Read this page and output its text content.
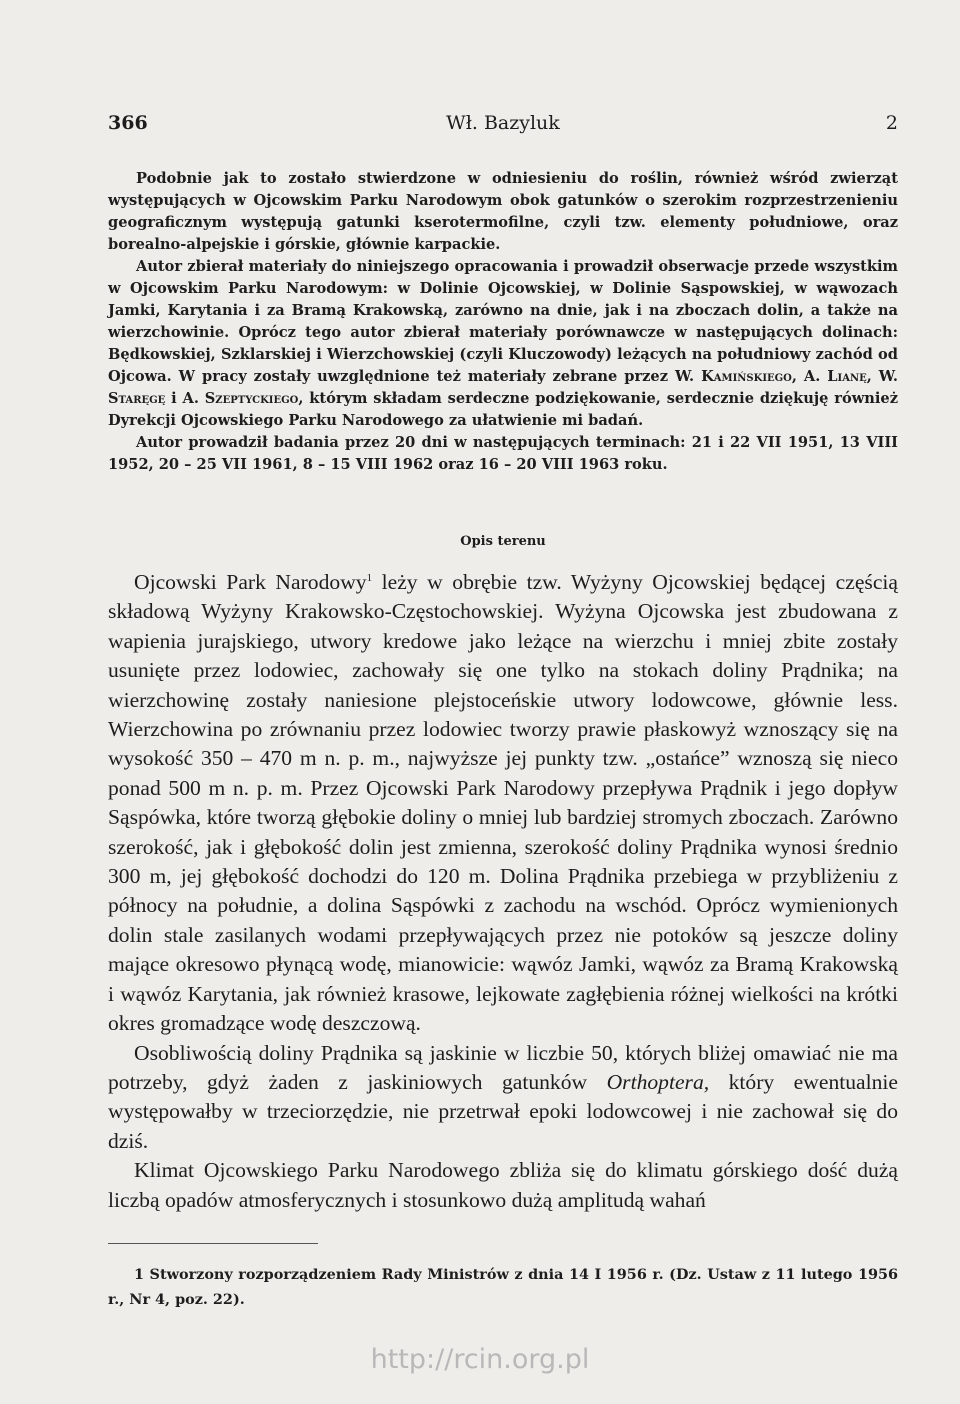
366	Wł. Bazyluk	2

Podobnie jak to zostało stwierdzone w odniesieniu do roślin, również wśród zwierząt występujących w Ojcowskim Parku Narodowym obok gatunków o szerokim rozprzestrzenieniu geograficznym występują gatunki kserotermofilne, czyli tzw. elementy południowe, oraz borealno-alpejskie i górskie, głównie karpackie.

Autor zbierał materiały do niniejszego opracowania i prowadził obserwacje przede wszystkim w Ojcowskim Parku Narodowym: w Dolinie Ojcowskiej, w Dolinie Sąspowskiej, w wąwozach Jamki, Karytania i za Bramą Krakowską, zarówno na dnie, jak i na zboczach dolin, a także na wierzchowinie. Oprócz tego autor zbierał materiały porównawcze w następujących dolinach: Będkowskiej, Szklarskiej i Wierzchowskiej (czyli Kluczowody) leżących na południowy zachód od Ojcowa. W pracy zostały uwzględnione też materiały zebrane przez W. Kamińskiego, A. Lianę, W. Staręgę i A. Szeptyckiego, którym składam serdeczne podziękowanie, serdecznie dziękuję również Dyrekcji Ojcowskiego Parku Narodowego za ułatwienie mi badań.

Autor prowadził badania przez 20 dni w następujących terminach: 21 i 22 VII 1951, 13 VIII 1952, 20 – 25 VII 1961, 8 – 15 VIII 1962 oraz 16 – 20 VIII 1963 roku.

Opis terenu

Ojcowski Park Narodowy$^1$ leży w obrębie tzw. Wyżyny Ojcowskiej będącej częścią składową Wyżyny Krakowsko-Częstochowskiej. Wyżyna Ojcowska jest zbudowana z wapienia jurajskiego, utwory kredowe jako leżące na wierzchu i mniej zbite zostały usunięte przez lodowiec, zachowały się one tylko na stokach doliny Prądnika; na wierzchowinę zostały naniesione plejstoceńskie utwory lodowcowe, głównie less. Wierzchowina po zrównaniu przez lodowiec tworzy prawie płaskowyż wznoszący się na wysokość 350 – 470 m n. p. m., najwyższe jej punkty tzw. „ostańce” wznoszą się nieco ponad 500 m n. p. m. Przez Ojcowski Park Narodowy przepływa Prądnik i jego dopływ Sąspówka, które tworzą głębokie doliny o mniej lub bardziej stromych zboczach. Zarówno szerokość, jak i głębokość dolin jest zmienna, szerokość doliny Prądnika wynosi średnio 300 m, jej głębokość dochodzi do 120 m. Dolina Prądnika przebiega w przybliżeniu z północy na południe, a dolina Sąspówki z zachodu na wschód. Oprócz wymienionych dolin stale zasilanych wodami przepływających przez nie potoków są jeszcze doliny mające okresowo płynącą wodę, mianowicie: wąwóz Jamki, wąwóz za Bramą Krakowską i wąwóz Karytania, jak również krasowe, lejkowate zagłębienia różnej wielkości na krótki okres gromadzące wodę deszczową.

Osobliwością doliny Prądnika są jaskinie w liczbie 50, których bliżej omawiać nie ma potrzeby, gdyż żaden z jaskiniowych gatunków Orthoptera, który ewentualnie występowałby w trzeciorzędzie, nie przetrwał epoki lodowcowej i nie zachował się do dziś.

Klimat Ojcowskiego Parku Narodowego zbliża się do klimatu górskiego dość dużą liczbą opadów atmosferycznych i stosunkowo dużą amplitudą wahań

1 Stworzony rozporządzeniem Rady Ministrów z dnia 14 I 1956 r. (Dz. Ustaw z 11 lutego 1956 r., Nr 4, poz. 22).

http://rcin.org.pl
